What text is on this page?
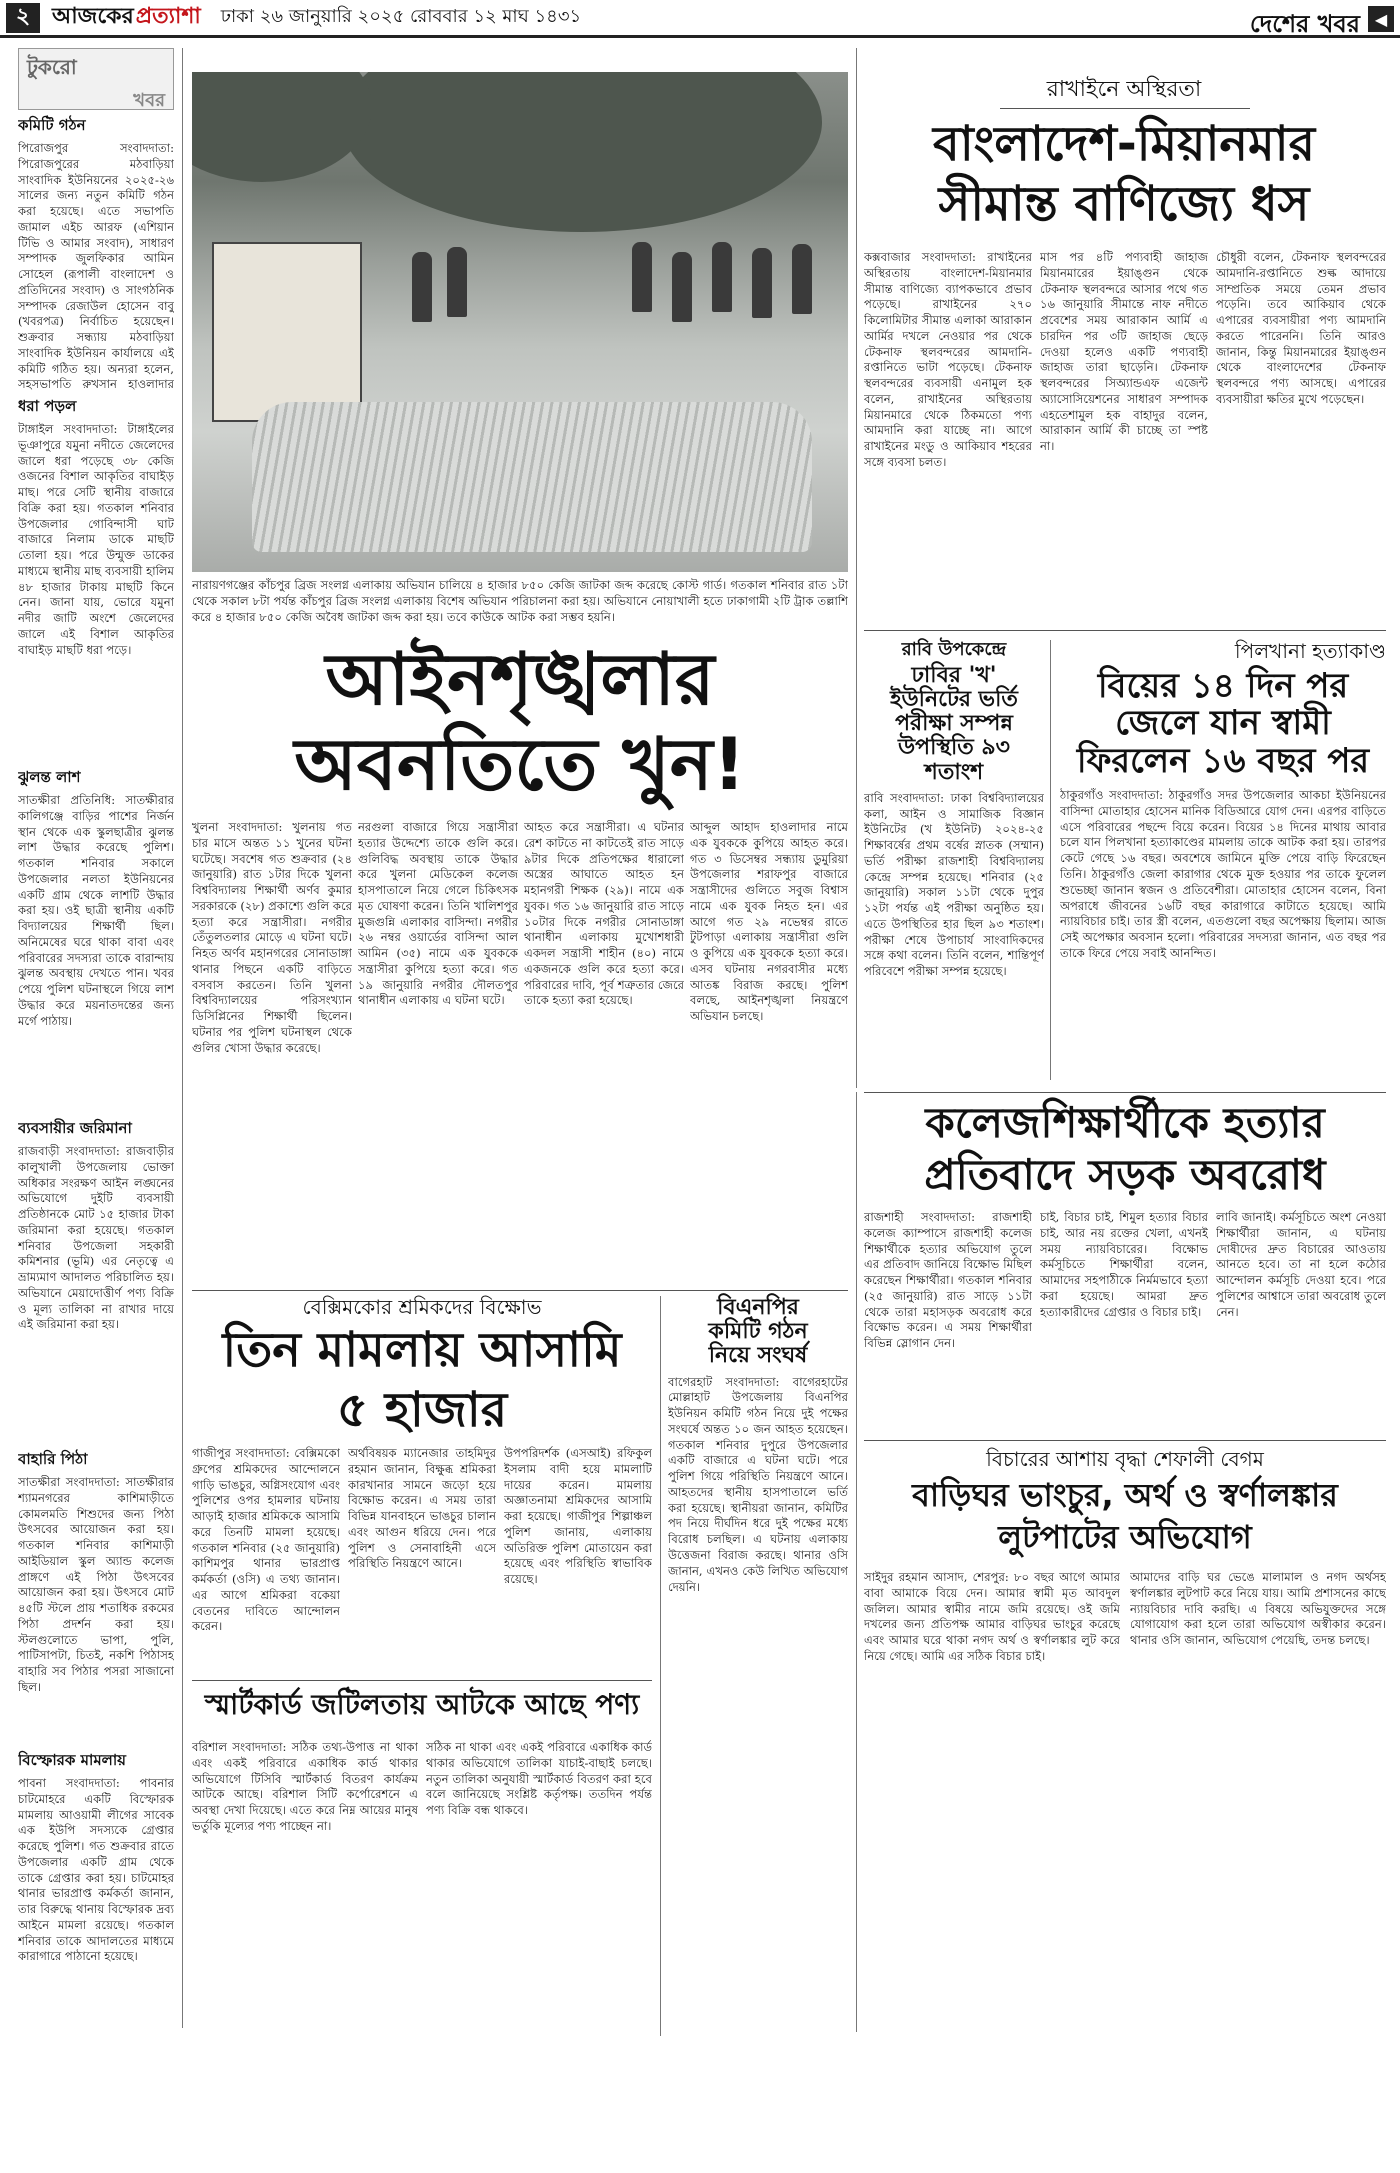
২ আজকের প্রত্যাশা ঢাকা ২৬ জানুয়ারি ২০২৫ রোববার ১২ মাঘ ১৪৩১	দেশের খবর ◀
টুকরো
খবর
কমিটি গঠন
পিরোজপুর সংবাদদাতা: পিরোজপুরের মঠবাড়িয়া সাংবাদিক ইউনিয়নের ২০২৫-২৬ সালের জন্য নতুন কমিটি গঠন করা হয়েছে। এতে সভাপতি জামাল এইচ আরফ (এশিয়ান টিভি ও আমার সংবাদ), সাধারণ সম্পাদক জুলফিকার আমিন সোহেল (রূপালী বাংলাদেশ ও প্রতিদিনের সংবাদ) ও সাংগঠনিক সম্পাদক রেজাউল হোসেন বাবু (খবরপত্র) নির্বাচিত হয়েছেন। শুক্রবার সন্ধ্যায় মঠবাড়িয়া সাংবাদিক ইউনিয়ন কার্যালয়ে এই কমিটি গঠিত হয়। অন্যরা হলেন, সহসভাপতি রুখসান হাওলাদার
ধরা পড়ল
টাঙ্গাইল সংবাদদাতা: টাঙ্গাইলের ভূঞাপুরে যমুনা নদীতে জেলেদের জালে ধরা পড়েছে ৩৮ কেজি ওজনের বিশাল আকৃতির বাঘাইড় মাছ। পরে সেটি স্থানীয় বাজারে বিক্রি করা হয়। গতকাল শনিবার উপজেলার গোবিন্দাসী ঘাট বাজারে নিলাম ডাকে মাছটি তোলা হয়। পরে উন্মুক্ত ডাকের মাধ্যমে স্থানীয় মাছ ব্যবসায়ী হালিম ৪৮ হাজার টাকায় মাছটি কিনে নেন। জানা যায়, ভোরে যমুনা নদীর জাটি অংশে জেলেদের জালে এই বিশাল আকৃতির বাঘাইড় মাছটি ধরা পড়ে।
ঝুলন্ত লাশ
সাতক্ষীরা প্রতিনিধি: সাতক্ষীরার কালিগঞ্জে বাড়ির পাশের নির্জন স্থান থেকে এক স্কুলছাত্রীর ঝুলন্ত লাশ উদ্ধার করেছে পুলিশ। গতকাল শনিবার সকালে উপজেলার নলতা ইউনিয়নের একটি গ্রাম থেকে লাশটি উদ্ধার করা হয়। ওই ছাত্রী স্থানীয় একটি বিদ্যালয়ের শিক্ষার্থী ছিল। অনিমেষের ঘরে থাকা বাবা এবং পরিবারের সদস্যরা তাকে বারান্দায় ঝুলন্ত অবস্থায় দেখতে পান। খবর পেয়ে পুলিশ ঘটনাস্থলে গিয়ে লাশ উদ্ধার করে ময়নাতদন্তের জন্য মর্গে পাঠায়।
ব্যবসায়ীর জরিমানা
রাজবাড়ী সংবাদদাতা: রাজবাড়ীর কালুখালী উপজেলায় ভোক্তা অধিকার সংরক্ষণ আইন লঙ্ঘনের অভিযোগে দুইটি ব্যবসায়ী প্রতিষ্ঠানকে মোট ১৫ হাজার টাকা জরিমানা করা হয়েছে। গতকাল শনিবার উপজেলা সহকারী কমিশনার (ভূমি) এর নেতৃত্বে এ ভ্রাম্যমাণ আদালত পরিচালিত হয়। অভিযানে মেয়াদোত্তীর্ণ পণ্য বিক্রি ও মূল্য তালিকা না রাখার দায়ে এই জরিমানা করা হয়।
বাহারি পিঠা
সাতক্ষীরা সংবাদদাতা: সাতক্ষীরার শ্যামনগরের কাশিমাড়ীতে কোমলমতি শিশুদের জন্য পিঠা উৎসবের আয়োজন করা হয়। গতকাল শনিবার কাশিমাড়ী আইডিয়াল স্কুল অ্যান্ড কলেজ প্রাঙ্গণে এই পিঠা উৎসবের আয়োজন করা হয়। উৎসবে মোট ৪৫টি স্টলে প্রায় শতাধিক রকমের পিঠা প্রদর্শন করা হয়। স্টলগুলোতে ভাপা, পুলি, পাটিসাপটা, চিতই, নকশি পিঠাসহ বাহারি সব পিঠার পসরা সাজানো ছিল।
বিস্ফোরক মামলায়
পাবনা সংবাদদাতা: পাবনার চাটমোহরে একটি বিস্ফোরক মামলায় আওয়ামী লীগের সাবেক এক ইউপি সদস্যকে গ্রেপ্তার করেছে পুলিশ। গত শুক্রবার রাতে উপজেলার একটি গ্রাম থেকে তাকে গ্রেপ্তার করা হয়। চাটমোহর থানার ভারপ্রাপ্ত কর্মকর্তা জানান, তার বিরুদ্ধে থানায় বিস্ফোরক দ্রব্য আইনে মামলা রয়েছে। গতকাল শনিবার তাকে আদালতের মাধ্যমে কারাগারে পাঠানো হয়েছে।
নারায়ণগঞ্জের কাঁচপুর ব্রিজ সংলগ্ন এলাকায় অভিযান চালিয়ে ৪ হাজার ৮৫০ কেজি জাটকা জব্দ করেছে কোস্ট গার্ড। গতকাল শনিবার রাত ১টা থেকে সকাল ৮টা পর্যন্ত কাঁচপুর ব্রিজ সংলগ্ন এলাকায় বিশেষ অভিযান পরিচালনা করা হয়। অভিযানে নোয়াখালী হতে ঢাকাগামী ২টি ট্রাক তল্লাশি করে ৪ হাজার ৮৫০ কেজি অবৈধ জাটকা জব্দ করা হয়। তবে কাউকে আটক করা সম্ভব হয়নি।
রাখাইনে অস্থিরতা
বাংলাদেশ-মিয়ানমার
সীমান্ত বাণিজ্যে ধস
কক্সবাজার সংবাদদাতা: রাখাইনের অস্থিরতায় বাংলাদেশ-মিয়ানমার সীমান্ত বাণিজ্যে ব্যাপকভাবে প্রভাব পড়েছে। রাখাইনের ২৭০ কিলোমিটার সীমান্ত এলাকা আরাকান আর্মির দখলে নেওয়ার পর থেকে টেকনাফ স্থলবন্দরের আমদানি-রপ্তানিতে ভাটা পড়েছে। টেকনাফ স্থলবন্দরের ব্যবসায়ী এনামুল হক বলেন, রাখাইনের অস্থিরতায় মিয়ানমারে থেকে ঠিকমতো পণ্য আমদানি করা যাচ্ছে না। আগে রাখাইনের মংডু ও আকিয়াব শহরের সঙ্গে ব্যবসা চলত।
মাস পর ৪টি পণ্যবাহী জাহাজ মিয়ানমারের ইয়াঙ্গুন থেকে টেকনাফ স্থলবন্দরে আসার পথে গত ১৬ জানুয়ারি সীমান্তে নাফ নদীতে প্রবেশের সময় আরাকান আর্মি এ চারদিন পর ৩টি জাহাজ ছেড়ে দেওয়া হলেও একটি পণ্যবাহী জাহাজ তারা ছাড়েনি। টেকনাফ স্থলবন্দরের সিঅ্যান্ডএফ এজেন্ট অ্যাসোসিয়েশনের সাধারণ সম্পাদক এহতেশামুল হক বাহাদুর বলেন, আরাকান আর্মি কী চাচ্ছে তা স্পষ্ট না।
চৌধুরী বলেন, টেকনাফ স্থলবন্দরের আমদানি-রপ্তানিতে শুল্ক আদায়ে সাম্প্রতিক সময়ে তেমন প্রভাব পড়েনি। তবে আকিয়াব থেকে এপারের ব্যবসায়ীরা পণ্য আমদানি করতে পারেননি। তিনি আরও জানান, কিন্তু মিয়ানমারের ইয়াঙ্গুন থেকে বাংলাদেশের টেকনাফ স্থলবন্দরে পণ্য আসছে। এপারের ব্যবসায়ীরা ক্ষতির মুখে পড়েছেন।
আইনশৃঙ্খলার
অবনতিতে খুন!
খুলনা সংবাদদাতা: খুলনায় গত চার মাসে অন্তত ১১ খুনের ঘটনা ঘটেছে। সবশেষ গত শুক্রবার (২৪ জানুয়ারি) রাত ১টার দিকে খুলনা বিশ্ববিদ্যালয় শিক্ষার্থী অর্ণব কুমার সরকারকে (২৮) প্রকাশ্যে গুলি করে হত্যা করে সন্ত্রাসীরা। নগরীর তেঁতুলতলার মোড়ে এ ঘটনা ঘটে। নিহত অর্ণব মহানগরের সোনাডাঙ্গা থানার পিছনে একটি বাড়িতে বসবাস করতেন। তিনি খুলনা বিশ্ববিদ্যালয়ের পরিসংখ্যান ডিসিপ্লিনের শিক্ষার্থী ছিলেন। ঘটনার পর পুলিশ ঘটনাস্থল থেকে গুলির খোসা উদ্ধার করেছে।
নরগুলা বাজারে গিয়ে সন্ত্রাসীরা হত্যার উদ্দেশ্যে তাকে গুলি করে। গুলিবিদ্ধ অবস্থায় তাকে উদ্ধার করে খুলনা মেডিকেল কলেজ হাসপাতালে নিয়ে গেলে চিকিৎসক মৃত ঘোষণা করেন। তিনি খালিশপুর মুজগুন্নি এলাকার বাসিন্দা। নগরীর ২৬ নম্বর ওয়ার্ডের বাসিন্দা আল আমিন (৩৫) নামে এক যুবককে সন্ত্রাসীরা কুপিয়ে হত্যা করে। গত ১৯ জানুয়ারি নগরীর দৌলতপুর থানাধীন এলাকায় এ ঘটনা ঘটে।
আহত করে সন্ত্রাসীরা। এ ঘটনার রেশ কাটতে না কাটতেই রাত সাড়ে ৯টার দিকে প্রতিপক্ষের ধারালো অস্ত্রের আঘাতে আহত হন মহানগরী শিক্ষক (২৯)। নামে এক যুবক। গত ১৬ জানুয়ারি রাত সাড়ে ১০টার দিকে নগরীর সোনাডাঙ্গা থানাধীন এলাকায় মুখোশধারী একদল সন্ত্রাসী শাহীন (৪০) নামে একজনকে গুলি করে হত্যা করে। পরিবারের দাবি, পূর্ব শত্রুতার জেরে তাকে হত্যা করা হয়েছে।
আব্দুল আহাদ হাওলাদার নামে এক যুবককে কুপিয়ে আহত করে। গত ৩ ডিসেম্বর সন্ধ্যায় ডুমুরিয়া উপজেলার শরাফপুর বাজারে সন্ত্রাসীদের গুলিতে সবুজ বিশ্বাস নামে এক যুবক নিহত হন। এর আগে গত ২৯ নভেম্বর রাতে টুটপাড়া এলাকায় সন্ত্রাসীরা গুলি ও কুপিয়ে এক যুবককে হত্যা করে। এসব ঘটনায় নগরবাসীর মধ্যে আতঙ্ক বিরাজ করছে। পুলিশ বলছে, আইনশৃঙ্খলা নিয়ন্ত্রণে অভিযান চলছে।
রাবি উপকেন্দ্রে
ঢাবির 'খ'
ইউনিটের ভর্তি
পরীক্ষা সম্পন্ন
উপস্থিতি ৯৩
শতাংশ
রাবি সংবাদদাতা: ঢাকা বিশ্ববিদ্যালয়ের কলা, আইন ও সামাজিক বিজ্ঞান ইউনিটের (খ ইউনিট) ২০২৪-২৫ শিক্ষাবর্ষের প্রথম বর্ষের স্নাতক (সম্মান) ভর্তি পরীক্ষা রাজশাহী বিশ্ববিদ্যালয় কেন্দ্রে সম্পন্ন হয়েছে। শনিবার (২৫ জানুয়ারি) সকাল ১১টা থেকে দুপুর ১২টা পর্যন্ত এই পরীক্ষা অনুষ্ঠিত হয়। এতে উপস্থিতির হার ছিল ৯৩ শতাংশ। পরীক্ষা শেষে উপাচার্য সাংবাদিকদের সঙ্গে কথা বলেন। তিনি বলেন, শান্তিপূর্ণ পরিবেশে পরীক্ষা সম্পন্ন হয়েছে।
পিলখানা হত্যাকাণ্ড
বিয়ের ১৪ দিন পর
জেলে যান স্বামী
ফিরলেন ১৬ বছর পর
ঠাকুরগাঁও সংবাদদাতা: ঠাকুরগাঁও সদর উপজেলার আকচা ইউনিয়নের বাসিন্দা মোতাহার হোসেন মানিক বিডিআরে যোগ দেন। এরপর বাড়িতে এসে পরিবারের পছন্দে বিয়ে করেন। বিয়ের ১৪ দিনের মাথায় আবার চলে যান পিলখানা হত্যাকাণ্ডের মামলায় তাকে আটক করা হয়। তারপর কেটে গেছে ১৬ বছর। অবশেষে জামিনে মুক্তি পেয়ে বাড়ি ফিরেছেন তিনি। ঠাকুরগাঁও জেলা কারাগার থেকে মুক্ত হওয়ার পর তাকে ফুলেল শুভেচ্ছা জানান স্বজন ও প্রতিবেশীরা। মোতাহার হোসেন বলেন, বিনা অপরাধে জীবনের ১৬টি বছর কারাগারে কাটাতে হয়েছে। আমি ন্যায়বিচার চাই। তার স্ত্রী বলেন, এতগুলো বছর অপেক্ষায় ছিলাম। আজ সেই অপেক্ষার অবসান হলো। পরিবারের সদস্যরা জানান, এত বছর পর তাকে ফিরে পেয়ে সবাই আনন্দিত।
কলেজশিক্ষার্থীকে হত্যার
প্রতিবাদে সড়ক অবরোধ
রাজশাহী সংবাদদাতা: রাজশাহী কলেজ ক্যাম্পাসে রাজশাহী কলেজ শিক্ষার্থীকে হত্যার অভিযোগ তুলে এর প্রতিবাদ জানিয়ে বিক্ষোভ মিছিল করেছেন শিক্ষার্থীরা। গতকাল শনিবার (২৫ জানুয়ারি) রাত সাড়ে ১১টা থেকে তারা মহাসড়ক অবরোধ করে বিক্ষোভ করেন। এ সময় শিক্ষার্থীরা বিভিন্ন স্লোগান দেন।
চাই, বিচার চাই, শিমুল হত্যার বিচার চাই, আর নয় রক্তের খেলা, এখনই সময় ন্যায়বিচারের। বিক্ষোভ কর্মসূচিতে শিক্ষার্থীরা বলেন, আমাদের সহপাঠীকে নির্মমভাবে হত্যা করা হয়েছে। আমরা দ্রুত হত্যাকারীদের গ্রেপ্তার ও বিচার চাই।
লাবি জানাই। কর্মসূচিতে অংশ নেওয়া শিক্ষার্থীরা জানান, এ ঘটনায় দোষীদের দ্রুত বিচারের আওতায় আনতে হবে। তা না হলে কঠোর আন্দোলন কর্মসূচি দেওয়া হবে। পরে পুলিশের আশ্বাসে তারা অবরোধ তুলে নেন।
বেক্সিমকোর শ্রমিকদের বিক্ষোভ
তিন মামলায় আসামি
৫ হাজার
গাজীপুর সংবাদদাতা: বেক্সিমকো গ্রুপের শ্রমিকদের আন্দোলনে গাড়ি ভাঙচুর, অগ্নিসংযোগ এবং পুলিশের ওপর হামলার ঘটনায় আড়াই হাজার শ্রমিককে আসামি করে তিনটি মামলা হয়েছে। গতকাল শনিবার (২৫ জানুয়ারি) কাশিমপুর থানার ভারপ্রাপ্ত কর্মকর্তা (ওসি) এ তথ্য জানান। এর আগে শ্রমিকরা বকেয়া বেতনের দাবিতে আন্দোলন করেন।
অর্থবিষয়ক ম্যানেজার তাহমিদুর রহমান জানান, বিক্ষুব্ধ শ্রমিকরা কারখানার সামনে জড়ো হয়ে বিক্ষোভ করেন। এ সময় তারা বিভিন্ন যানবাহনে ভাঙচুর চালান এবং আগুন ধরিয়ে দেন। পরে পুলিশ ও সেনাবাহিনী এসে পরিস্থিতি নিয়ন্ত্রণে আনে।
উপপরিদর্শক (এসআই) রফিকুল ইসলাম বাদী হয়ে মামলাটি দায়ের করেন। মামলায় অজ্ঞাতনামা শ্রমিকদের আসামি করা হয়েছে। গাজীপুর শিল্পাঞ্চল পুলিশ জানায়, এলাকায় অতিরিক্ত পুলিশ মোতায়েন করা হয়েছে এবং পরিস্থিতি স্বাভাবিক রয়েছে।
বিএনপির
কমিটি গঠন
নিয়ে সংঘর্ষ
বাগেরহাট সংবাদদাতা: বাগেরহাটের মোল্লাহাট উপজেলায় বিএনপির ইউনিয়ন কমিটি গঠন নিয়ে দুই পক্ষের সংঘর্ষে অন্তত ১০ জন আহত হয়েছেন। গতকাল শনিবার দুপুরে উপজেলার একটি বাজারে এ ঘটনা ঘটে। পরে পুলিশ গিয়ে পরিস্থিতি নিয়ন্ত্রণে আনে। আহতদের স্থানীয় হাসপাতালে ভর্তি করা হয়েছে। স্থানীয়রা জানান, কমিটির পদ নিয়ে দীর্ঘদিন ধরে দুই পক্ষের মধ্যে বিরোধ চলছিল। এ ঘটনায় এলাকায় উত্তেজনা বিরাজ করছে। থানার ওসি জানান, এখনও কেউ লিখিত অভিযোগ দেয়নি।
স্মার্টকার্ড জটিলতায় আটকে আছে পণ্য
বরিশাল সংবাদদাতা: সঠিক তথ্য-উপাত্ত না থাকা এবং একই পরিবারে একাধিক কার্ড থাকার অভিযোগে টিসিবি স্মার্টকার্ড বিতরণ কার্যক্রম আটকে আছে। বরিশাল সিটি কর্পোরেশনে এ অবস্থা দেখা দিয়েছে। এতে করে নিম্ন আয়ের মানুষ ভর্তুকি মূল্যের পণ্য পাচ্ছেন না।
সঠিক না থাকা এবং একই পরিবারে একাধিক কার্ড থাকার অভিযোগে তালিকা যাচাই-বাছাই চলছে। নতুন তালিকা অনুযায়ী স্মার্টকার্ড বিতরণ করা হবে বলে জানিয়েছে সংশ্লিষ্ট কর্তৃপক্ষ। ততদিন পর্যন্ত পণ্য বিক্রি বন্ধ থাকবে।
বিচারের আশায় বৃদ্ধা শেফালী বেগম
বাড়িঘর ভাংচুর, অর্থ ও স্বর্ণালঙ্কার
লুটপাটের অভিযোগ
সাইদুর রহমান আসাদ, শেরপুর: ৮০ বছর আগে আমার বাবা আমাকে বিয়ে দেন। আমার স্বামী মৃত আবদুল জলিল। আমার স্বামীর নামে জমি রয়েছে। ওই জমি দখলের জন্য প্রতিপক্ষ আমার বাড়িঘর ভাংচুর করেছে এবং আমার ঘরে থাকা নগদ অর্থ ও স্বর্ণালঙ্কার লুট করে নিয়ে গেছে। আমি এর সঠিক বিচার চাই।
আমাদের বাড়ি ঘর ভেঙে মালামাল ও নগদ অর্থসহ স্বর্ণালঙ্কার লুটপাট করে নিয়ে যায়। আমি প্রশাসনের কাছে ন্যায়বিচার দাবি করছি। এ বিষয়ে অভিযুক্তদের সঙ্গে যোগাযোগ করা হলে তারা অভিযোগ অস্বীকার করেন। থানার ওসি জানান, অভিযোগ পেয়েছি, তদন্ত চলছে।
